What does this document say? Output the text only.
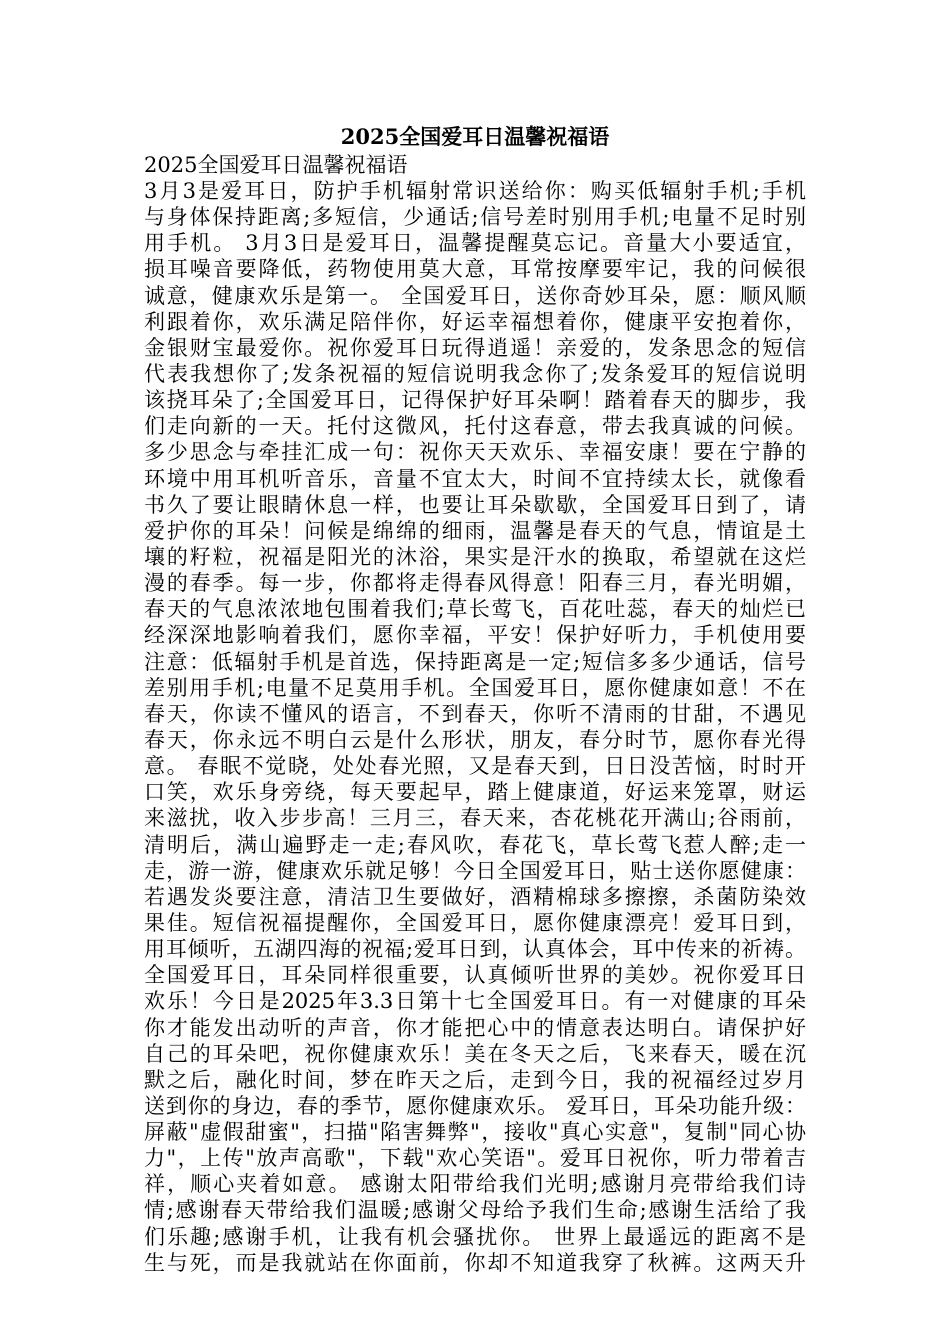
2025全国爱耳日温馨祝福语

2025全国爱耳日温馨祝福语

3月3是爱耳日，防护手机辐射常识送给你：购买低辐射手机;手机
与身体保持距离;多短信，少通话;信号差时别用手机;电量不足时别
用手机。 3月3日是爱耳日，温馨提醒莫忘记。音量大小要适宜，
损耳噪音要降低，药物使用莫大意，耳常按摩要牢记，我的问候很
诚意，健康欢乐是第一。 全国爱耳日，送你奇妙耳朵，愿：顺风顺
利跟着你，欢乐满足陪伴你，好运幸福想着你，健康平安抱着你，
金银财宝最爱你。祝你爱耳日玩得逍遥！亲爱的，发条思念的短信
代表我想你了;发条祝福的短信说明我念你了;发条爱耳的短信说明
该挠耳朵了;全国爱耳日，记得保护好耳朵啊！踏着春天的脚步，我
们走向新的一天。托付这微风，托付这春意，带去我真诚的问候。
多少思念与牵挂汇成一句：祝你天天欢乐、幸福安康！要在宁静的
环境中用耳机听音乐，音量不宜太大，时间不宜持续太长，就像看
书久了要让眼睛休息一样，也要让耳朵歇歇，全国爱耳日到了，请
爱护你的耳朵！问候是绵绵的细雨，温馨是春天的气息，情谊是土
壤的籽粒，祝福是阳光的沐浴，果实是汗水的换取，希望就在这烂
漫的春季。每一步，你都将走得春风得意！阳春三月，春光明媚，
春天的气息浓浓地包围着我们;草长莺飞，百花吐蕊，春天的灿烂已
经深深地影响着我们，愿你幸福，平安！保护好听力，手机使用要
注意：低辐射手机是首选，保持距离是一定;短信多多少通话，信号
差别用手机;电量不足莫用手机。全国爱耳日，愿你健康如意！不在
春天，你读不懂风的语言，不到春天，你听不清雨的甘甜，不遇见
春天，你永远不明白云是什么形状，朋友，春分时节，愿你春光得
意。 春眠不觉晓，处处春光照，又是春天到，日日没苦恼，时时开
口笑，欢乐身旁绕，每天要起早，踏上健康道，好运来笼罩，财运
来滋扰，收入步步高！三月三，春天来，杏花桃花开满山;谷雨前，
清明后，满山遍野走一走;春风吹，春花飞，草长莺飞惹人醉;走一
走，游一游，健康欢乐就足够！今日全国爱耳日，贴士送你愿健康：
若遇发炎要注意，清洁卫生要做好，酒精棉球多擦擦，杀菌防染效
果佳。短信祝福提醒你，全国爱耳日，愿你健康漂亮！爱耳日到，
用耳倾听，五湖四海的祝福;爱耳日到，认真体会，耳中传来的祈祷。
全国爱耳日，耳朵同样很重要，认真倾听世界的美妙。祝你爱耳日
欢乐！今日是2025年3.3日第十七全国爱耳日。有一对健康的耳朵
你才能发出动听的声音，你才能把心中的情意表达明白。请保护好
自己的耳朵吧，祝你健康欢乐！美在冬天之后，飞来春天，暖在沉
默之后，融化时间，梦在昨天之后，走到今日，我的祝福经过岁月
送到你的身边，春的季节，愿你健康欢乐。 爱耳日，耳朵功能升级：
屏蔽"虚假甜蜜"，扫描"陷害舞弊"，接收"真心实意"，复制"同心协
力"，上传"放声高歌"，下载"欢心笑语"。爱耳日祝你，听力带着吉
祥，顺心夹着如意。 感谢太阳带给我们光明;感谢月亮带给我们诗
情;感谢春天带给我们温暖;感谢父母给予我们生命;感谢生活给了我
们乐趣;感谢手机，让我有机会骚扰你。 世界上最遥远的距离不是
生与死，而是我就站在你面前，你却不知道我穿了秋裤。这两天升
